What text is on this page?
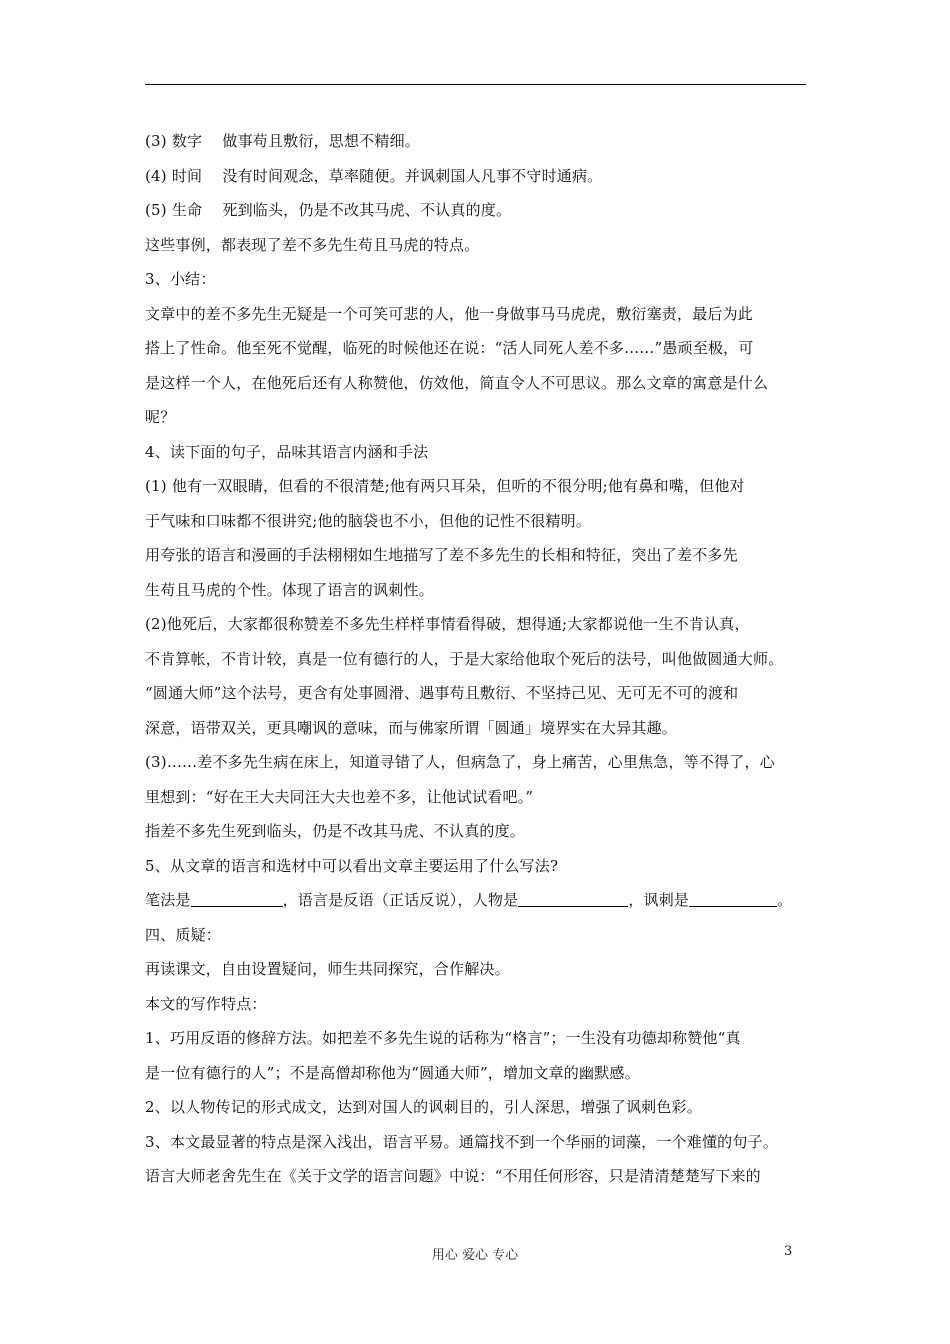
(3) 数字　 做事苟且敷衍，思想不精细。
(4) 时间　 没有时间观念，草率随便。并讽刺国人凡事不守时通病。
(5) 生命　 死到临头，仍是不改其马虎、不认真的度。
这些事例，都表现了差不多先生苟且马虎的特点。
3、小结：
文章中的差不多先生无疑是一个可笑可悲的人，他一身做事马马虎虎，敷衍塞责，最后为此
搭上了性命。他至死不觉醒，临死的时候他还在说：“活人同死人差不多……”愚顽至极，可
是这样一个人，在他死后还有人称赞他，仿效他，简直令人不可思议。那么文章的寓意是什么
呢？
4、读下面的句子，品味其语言内涵和手法
(1) 他有一双眼睛，但看的不很清楚;他有两只耳朵，但听的不很分明;他有鼻和嘴，但他对
于气味和口味都不很讲究;他的脑袋也不小，但他的记性不很精明。
用夸张的语言和漫画的手法栩栩如生地描写了差不多先生的长相和特征，突出了差不多先
生苟且马虎的个性。体现了语言的讽刺性。
(2)他死后，大家都很称赞差不多先生样样事情看得破，想得通;大家都说他一生不肯认真，
不肯算帐，不肯计较，真是一位有德行的人，于是大家给他取个死后的法号，叫他做圆通大师。
“圆通大师”这个法号，更含有处事圆滑、遇事苟且敷衍、不坚持己见、无可无不可的渡和
深意，语带双关，更具嘲讽的意味，而与佛家所谓「圆通」境界实在大异其趣。
(3)……差不多先生病在床上，知道寻错了人，但病急了，身上痛苦，心里焦急，等不得了，心
里想到：“好在王大夫同汪大夫也差不多，让他试试看吧。”
指差不多先生死到临头，仍是不改其马虎、不认真的度。
5、从文章的语言和选材中可以看出文章主要运用了什么写法?
笔法是	，语言是反语（正话反说），人物是	，讽刺是	。
四、质疑：
再读课文，自由设置疑问，师生共同探究，合作解决。
本文的写作特点：
1、巧用反语的修辞方法。如把差不多先生说的话称为“格言”；一生没有功德却称赞他“真
是一位有德行的人”；不是高僧却称他为“圆通大师”，增加文章的幽默感。
2、以人物传记的形式成文，达到对国人的讽刺目的，引人深思，增强了讽刺色彩。
3、本文最显著的特点是深入浅出，语言平易。通篇找不到一个华丽的词藻，一个难懂的句子。
语言大师老舍先生在《关于文学的语言问题》中说：“不用任何形容，只是清清楚楚写下来的
用心 爱心 专心	3
